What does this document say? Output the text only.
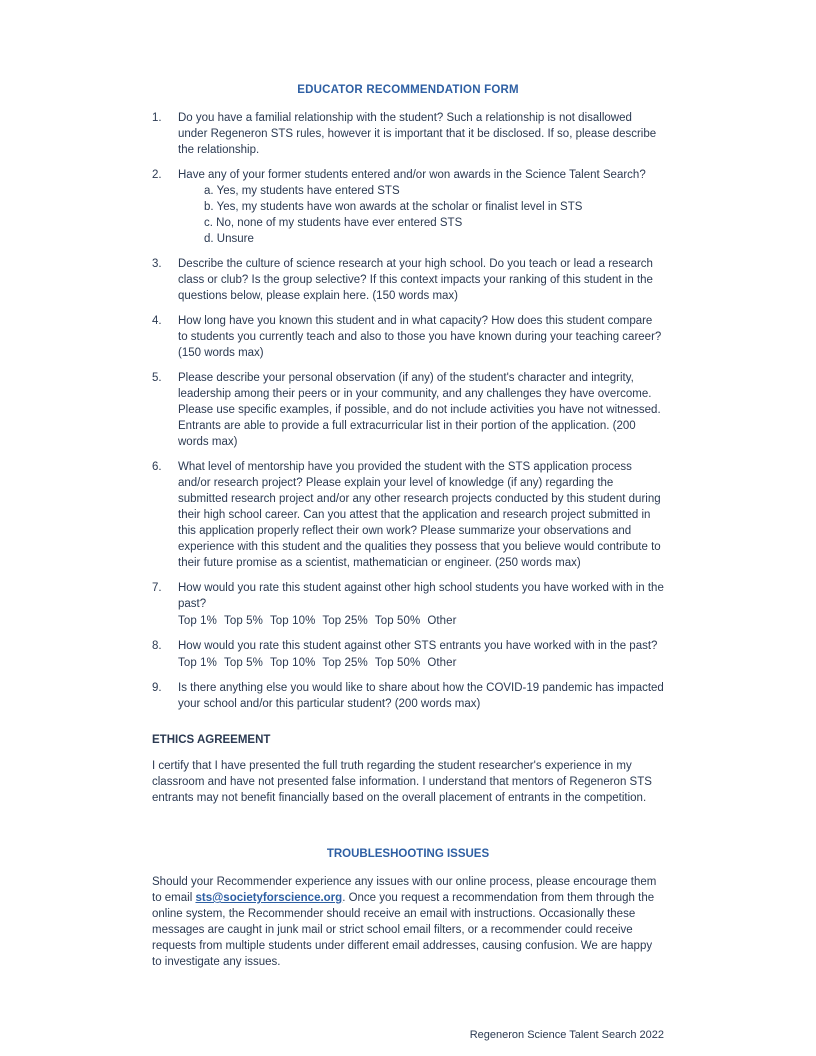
EDUCATOR RECOMMENDATION FORM
1.	Do you have a familial relationship with the student? Such a relationship is not disallowed under Regeneron STS rules, however it is important that it be disclosed. If so, please describe the relationship.

2.	Have any of your former students entered and/or won awards in the Science Talent Search?

a. Yes, my students have entered STS
b. Yes, my students have won awards at the scholar or finalist level in STS
c. No, none of my students have ever entered STS
d. Unsure
3.	Describe the culture of science research at your high school. Do you teach or lead a research class or club? Is the group selective? If this context impacts your ranking of this student in the questions below, please explain here. (150 words max)

4.	How long have you known this student and in what capacity? How does this student compare to students you currently teach and also to those you have known during your teaching career? (150 words max)

5.	Please describe your personal observation (if any) of the student's character and integrity, leadership among their peers or in your community, and any challenges they have overcome. Please use specific examples, if possible, and do not include activities you have not witnessed. Entrants are able to provide a full extracurricular list in their portion of the application. (200 words max)

6.	What level of mentorship have you provided the student with the STS application process and/or research project? Please explain your level of knowledge (if any) regarding the submitted research project and/or any other research projects conducted by this student during their high school career. Can you attest that the application and research project submitted in this application properly reflect their own work? Please summarize your observations and experience with this student and the qualities they possess that you believe would contribute to their future promise as a scientist, mathematician or engineer. (250 words max)

7.	How would you rate this student against other high school students you have worked with in the past?

Top 1% Top 5% Top 10% Top 25% Top 50% Other
8.	How would you rate this student against other STS entrants you have worked with in the past?

Top 1% Top 5% Top 10% Top 25% Top 50% Other
9.	Is there anything else you would like to share about how the COVID-19 pandemic has impacted your school and/or this particular student? (200 words max)

ETHICS AGREEMENT

I certify that I have presented the full truth regarding the student researcher's experience in my classroom and have not presented false information. I understand that mentors of Regeneron STS entrants may not benefit financially based on the overall placement of entrants in the competition.

TROUBLESHOOTING ISSUES

Should your Recommender experience any issues with our online process, please encourage them to email sts@societyforscience.org. Once you request a recommendation from them through the online system, the Recommender should receive an email with instructions. Occasionally these messages are caught in junk mail or strict school email filters, or a recommender could receive requests from multiple students under different email addresses, causing confusion. We are happy to investigate any issues.

Regeneron Science Talent Search 2022
